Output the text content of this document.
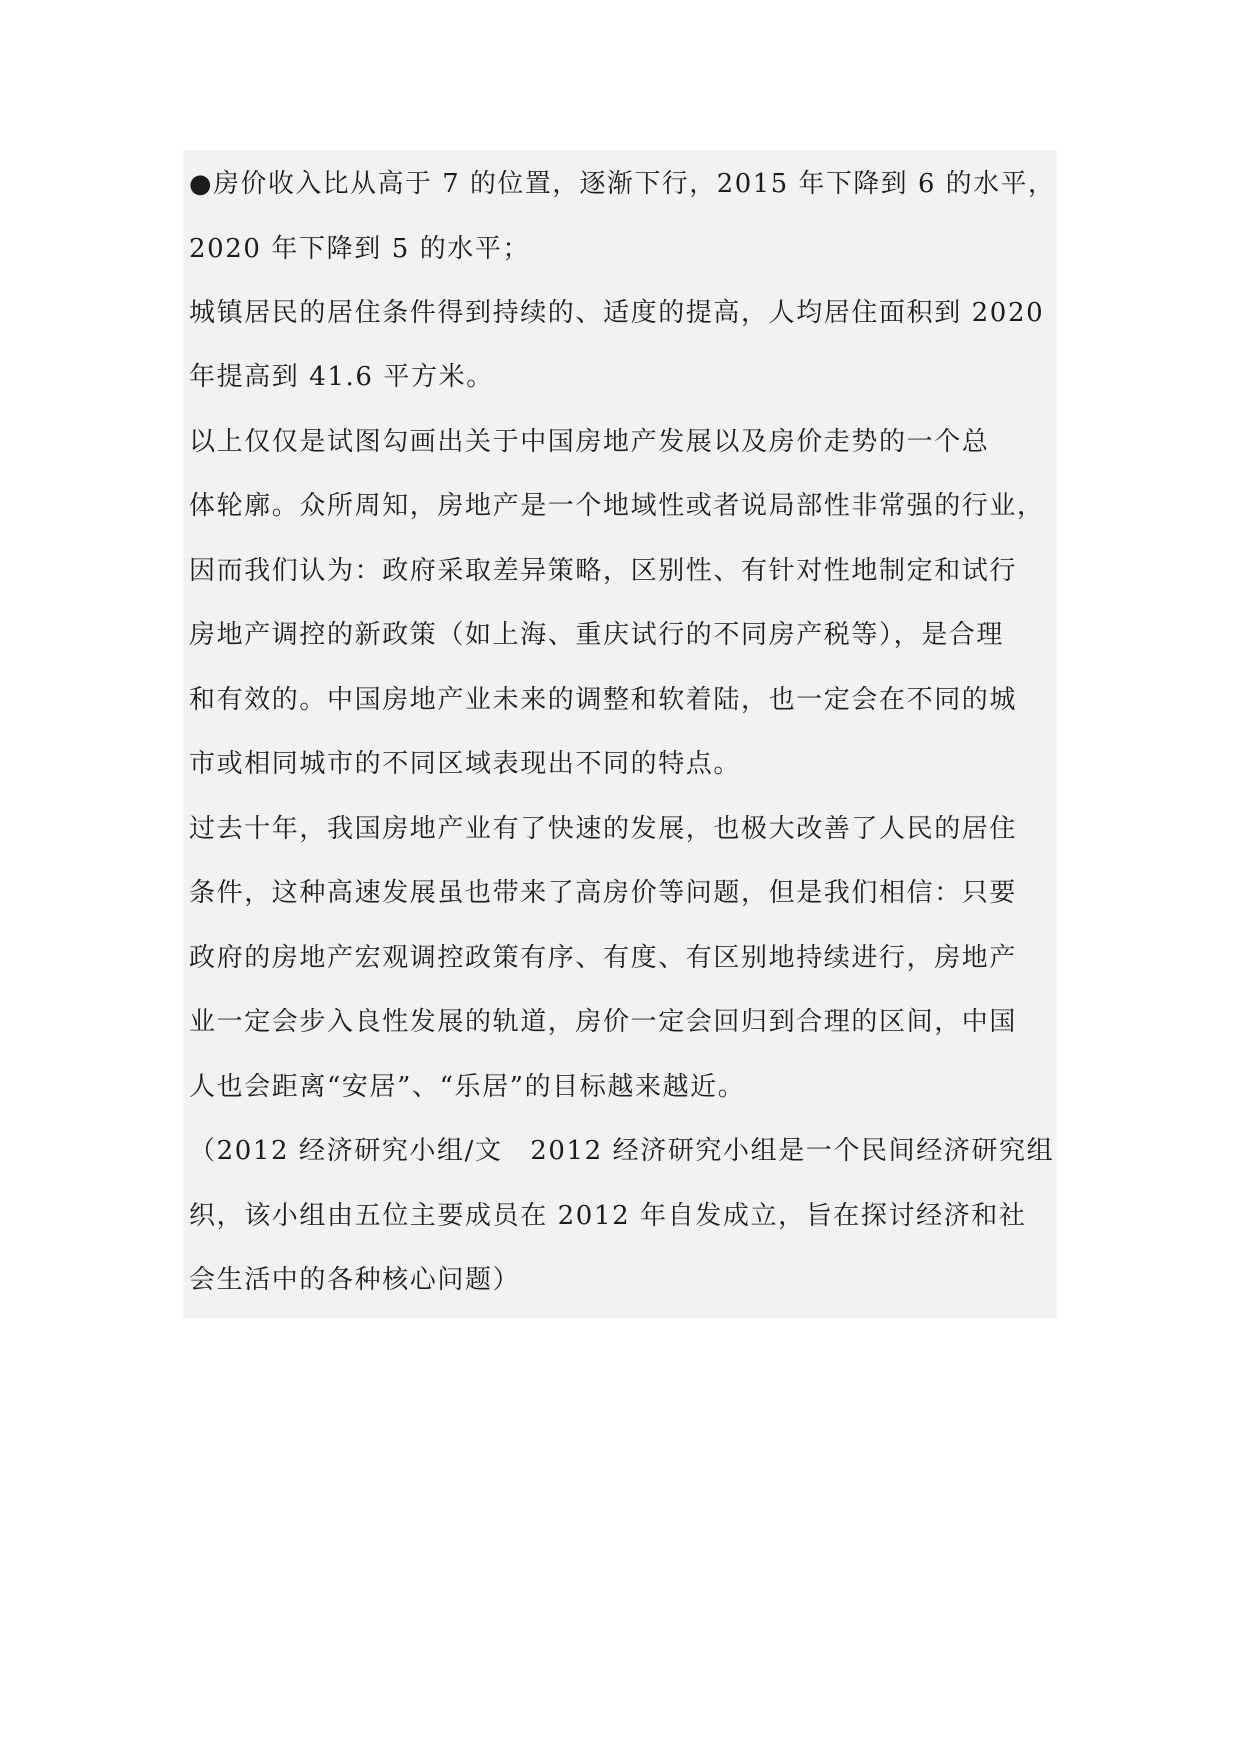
●房价收入比从高于 7 的位置，逐渐下行，2015 年下降到 6 的水平，
2020 年下降到 5 的水平；
城镇居民的居住条件得到持续的、适度的提高，人均居住面积到 2020
年提高到 41.6 平方米。
以上仅仅是试图勾画出关于中国房地产发展以及房价走势的一个总
体轮廓。众所周知，房地产是一个地域性或者说局部性非常强的行业，
因而我们认为：政府采取差异策略，区别性、有针对性地制定和试行
房地产调控的新政策（如上海、重庆试行的不同房产税等），是合理
和有效的。中国房地产业未来的调整和软着陆，也一定会在不同的城
市或相同城市的不同区域表现出不同的特点。
过去十年，我国房地产业有了快速的发展，也极大改善了人民的居住
条件，这种高速发展虽也带来了高房价等问题，但是我们相信：只要
政府的房地产宏观调控政策有序、有度、有区别地持续进行，房地产
业一定会步入良性发展的轨道，房价一定会回归到合理的区间，中国
人也会距离“安居”、“乐居”的目标越来越近。
（2012 经济研究小组/文　2012 经济研究小组是一个民间经济研究组
织，该小组由五位主要成员在 2012 年自发成立，旨在探讨经济和社
会生活中的各种核心问题）
